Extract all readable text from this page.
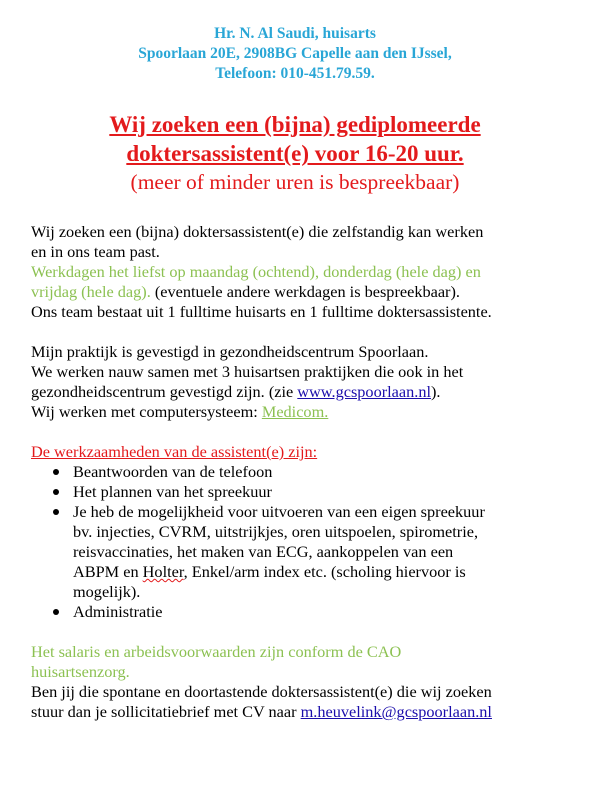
Hr. N. Al Saudi, huisarts
Spoorlaan 20E, 2908BG Capelle aan den IJssel,
Telefoon: 010-451.79.59.
Wij zoeken een (bijna) gediplomeerde
doktersassistent(e) voor 16-20 uur.
(meer of minder uren is bespreekbaar)
Wij zoeken een (bijna) doktersassistent(e) die zelfstandig kan werken
en in ons team past.
Werkdagen het liefst op maandag (ochtend), donderdag (hele dag) en
vrijdag (hele dag). (eventuele andere werkdagen is bespreekbaar).
Ons team bestaat uit 1 fulltime huisarts en 1 fulltime doktersassistente.
Mijn praktijk is gevestigd in gezondheidscentrum Spoorlaan.
We werken nauw samen met 3 huisartsen praktijken die ook in het
gezondheidscentrum gevestigd zijn. (zie www.gcspoorlaan.nl).
Wij werken met computersysteem: Medicom.
De werkzaamheden van de assistent(e) zijn:
Beantwoorden van de telefoon
Het plannen van het spreekuur
Je heb de mogelijkheid voor uitvoeren van een eigen spreekuur
bv. injecties, CVRM, uitstrijkjes, oren uitspoelen, spirometrie,
reisvaccinaties, het maken van ECG, aankoppelen van een
ABPM en Holter, Enkel/arm index etc. (scholing hiervoor is
mogelijk).
Administratie
Het salaris en arbeidsvoorwaarden zijn conform de CAO
huisartsenzorg.
Ben jij die spontane en doortastende doktersassistent(e) die wij zoeken
stuur dan je sollicitatiebrief met CV naar m.heuvelink@gcspoorlaan.nl
